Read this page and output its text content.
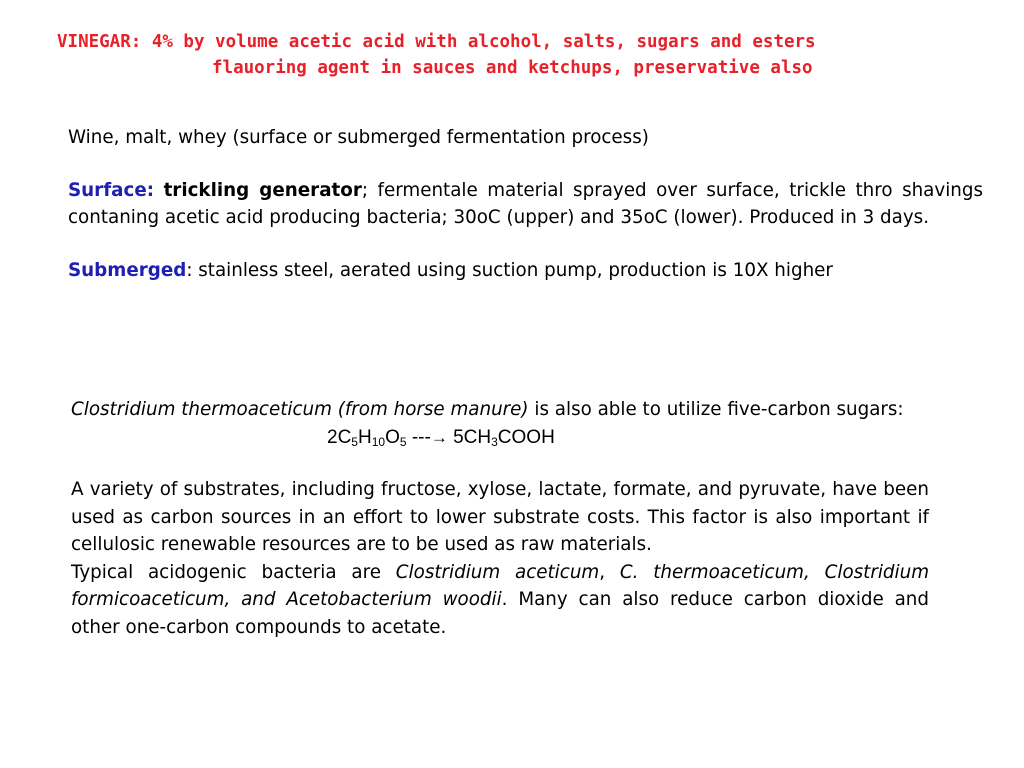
VINEGAR: 4% by volume acetic acid with alcohol, salts, sugars and esters
flauoring agent in sauces and ketchups, preservative also

Wine, malt, whey (surface or submerged fermentation process)

Surface: trickling generator; fermentale material sprayed over surface, trickle thro shavings contaning acetic acid producing bacteria; 30oC (upper) and 35oC (lower). Produced in 3 days.

Submerged: stainless steel, aerated using suction pump, production is 10X higher

Clostridium thermoaceticum (from horse manure) is also able to utilize five-carbon sugars:

$2C_5H_{10}O_5$ ---→ $5CH_3COOH$

A variety of substrates, including fructose, xylose, lactate, formate, and pyruvate, have been used as carbon sources in an effort to lower substrate costs. This factor is also important if cellulosic renewable resources are to be used as raw materials.

Typical acidogenic bacteria are Clostridium aceticum, C. thermoaceticum, Clostridium formicoaceticum, and Acetobacterium woodii. Many can also reduce carbon dioxide and other one-carbon compounds to acetate.
